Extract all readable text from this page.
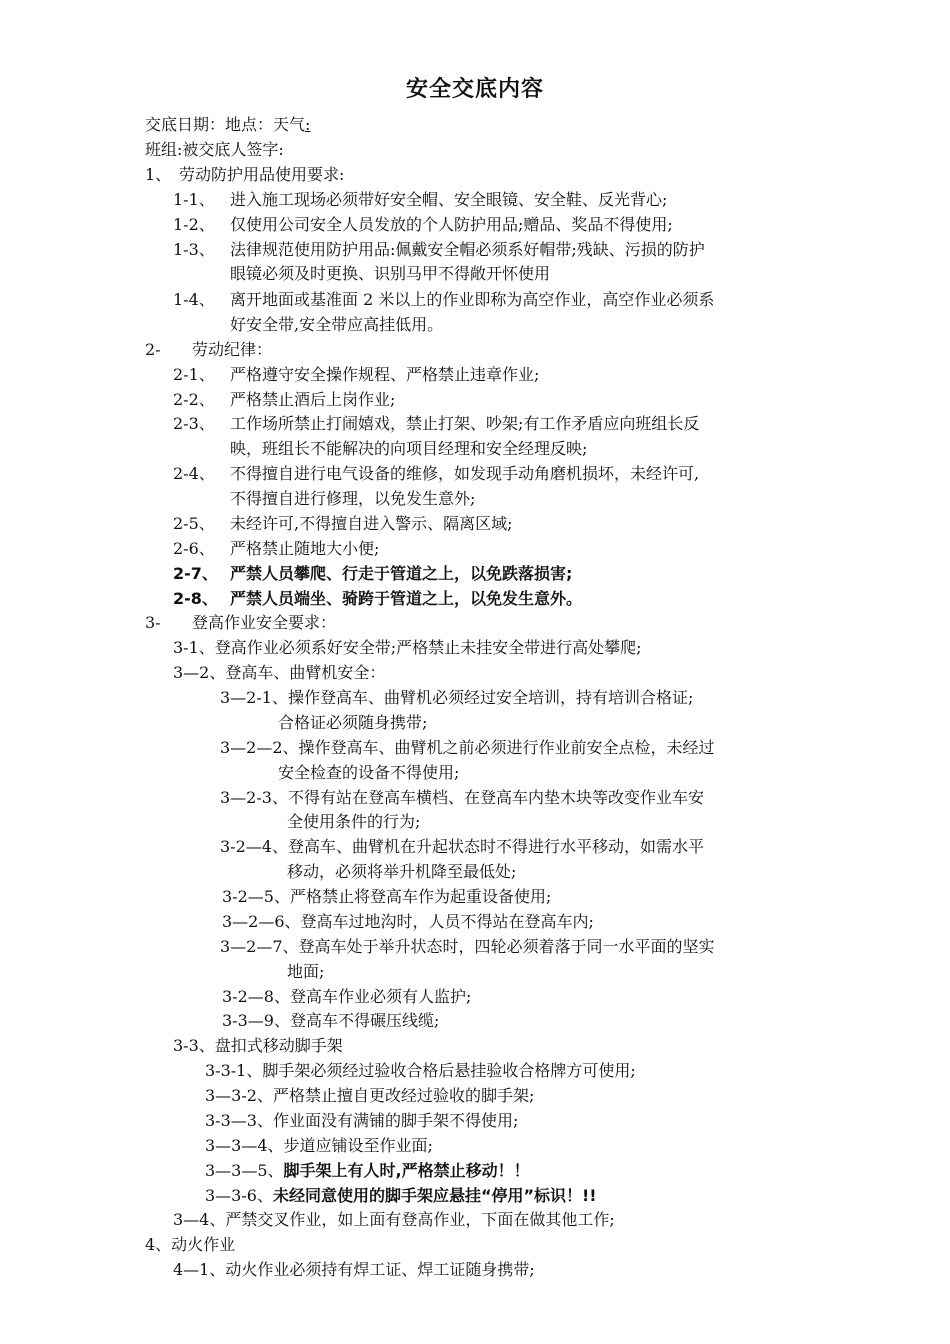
安全交底内容
交底日期：地点：天气:
班组:被交底人签字:
1、 劳动防护用品使用要求:
1-1、 进入施工现场必须带好安全帽、安全眼镜、安全鞋、反光背心;
1-2、 仅使用公司安全人员发放的个人防护用品;赠品、奖品不得使用;
1-3、 法律规范使用防护用品:佩戴安全帽必须系好帽带;残缺、污损的防护
眼镜必须及时更换、识别马甲不得敞开怀使用
1-4、 离开地面或基准面 2 米以上的作业即称为高空作业，高空作业必须系
好安全带,安全带应高挂低用。
2- 劳动纪律：
2-1、 严格遵守安全操作规程、严格禁止违章作业;
2-2、 严格禁止酒后上岗作业;
2-3、 工作场所禁止打闹嬉戏，禁止打架、吵架;有工作矛盾应向班组长反
映，班组长不能解决的向项目经理和安全经理反映;
2-4、 不得擅自进行电气设备的维修，如发现手动角磨机损坏，未经许可,
不得擅自进行修理，以免发生意外;
2-5、 未经许可,不得擅自进入警示、隔离区域;
2-6、 严格禁止随地大小便;
2-7、 严禁人员攀爬、行走于管道之上，以免跌落损害;
2-8、 严禁人员端坐、骑跨于管道之上，以免发生意外。
3- 登高作业安全要求：
3-1、登高作业必须系好安全带;严格禁止未挂安全带进行高处攀爬;
3—2、登高车、曲臂机安全：
3—2-1、操作登高车、曲臂机必须经过安全培训，持有培训合格证;
合格证必须随身携带;
3—2—2、操作登高车、曲臂机之前必须进行作业前安全点检，未经过
安全检查的设备不得使用;
3—2-3、不得有站在登高车横档、在登高车内垫木块等改变作业车安
全使用条件的行为;
3-2—4、登高车、曲臂机在升起状态时不得进行水平移动，如需水平
移动，必须将举升机降至最低处;
3-2—5、严格禁止将登高车作为起重设备使用;
3—2—6、登高车过地沟时，人员不得站在登高车内;
3—2—7、登高车处于举升状态时，四轮必须着落于同一水平面的坚实
地面;
3-2—8、登高车作业必须有人监护;
3-3—9、登高车不得碾压线缆;
3-3、盘扣式移动脚手架
3-3-1、脚手架必须经过验收合格后悬挂验收合格牌方可使用;
3—3-2、严格禁止擅自更改经过验收的脚手架;
3-3—3、作业面没有满铺的脚手架不得使用;
3—3—4、步道应铺设至作业面;
3—3—5、脚手架上有人时,严格禁止移动！！
3—3-6、未经同意使用的脚手架应悬挂“停用”标识！!!
3—4、严禁交叉作业，如上面有登高作业，下面在做其他工作;
4、动火作业
4—1、动火作业必须持有焊工证、焊工证随身携带;
